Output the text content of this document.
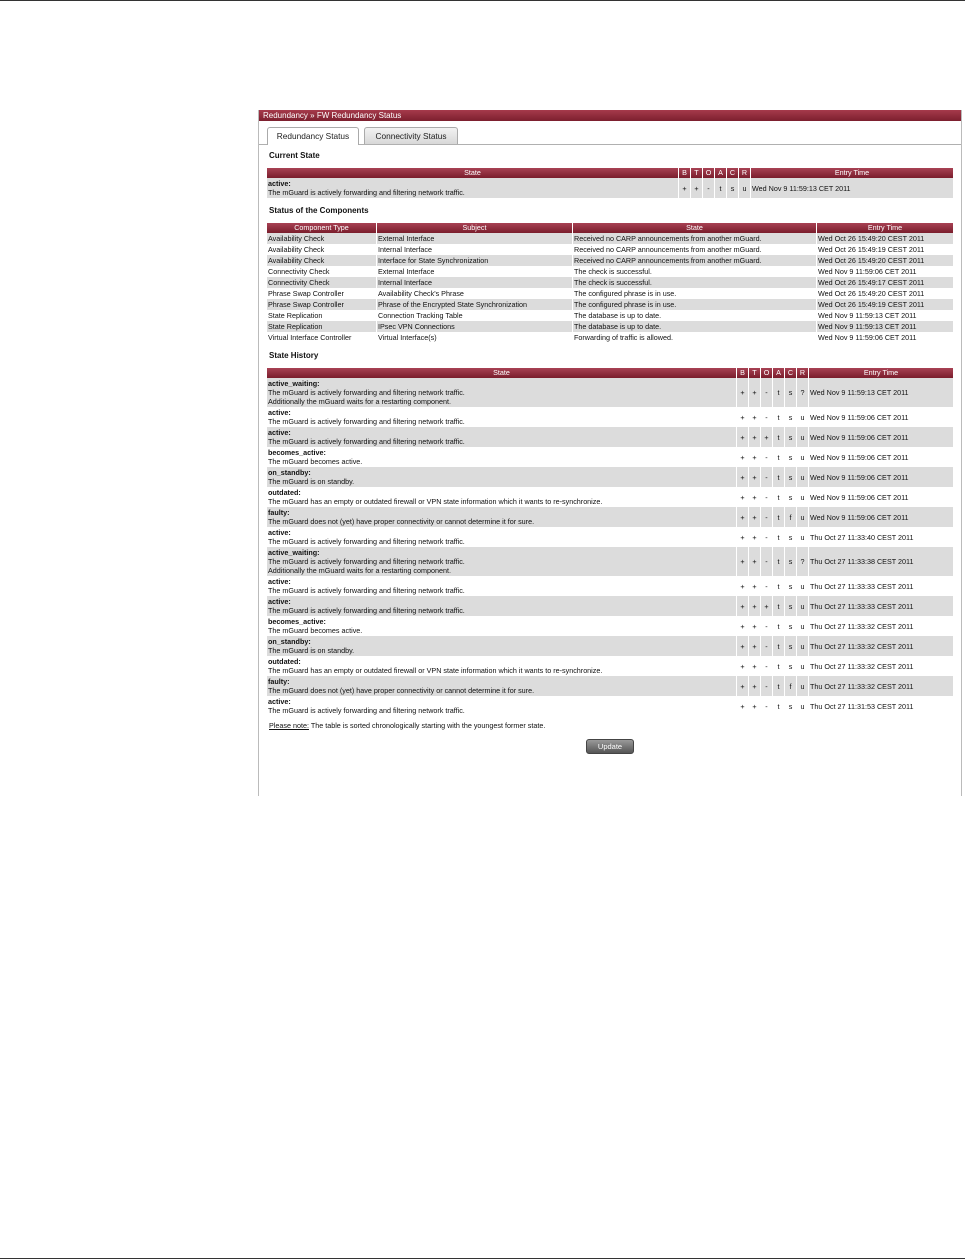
Redundancy » FW Redundancy Status
Redundancy Status	Connectivity Status
Current State
State	B	T	O	A	C	R	Entry Time

active:
The mGuard is actively forwarding and filtering network traffic.	+	+	-	t	s	u	Wed Nov 9 11:59:13 CET 2011
Status of the Components
Component Type	Subject	State	Entry Time
Availability Check	External Interface	Received no CARP announcements from another mGuard.	Wed Oct 26 15:49:20 CEST 2011
Availability Check	Internal Interface	Received no CARP announcements from another mGuard.	Wed Oct 26 15:49:19 CEST 2011
Availability Check	Interface for State Synchronization	Received no CARP announcements from another mGuard.	Wed Oct 26 15:49:20 CEST 2011
Connectivity Check	External Interface	The check is successful.	Wed Nov 9 11:59:06 CET 2011
Connectivity Check	Internal Interface	The check is successful.	Wed Oct 26 15:49:17 CEST 2011
Phrase Swap Controller	Availability Check's Phrase	The configured phrase is in use.	Wed Oct 26 15:49:20 CEST 2011
Phrase Swap Controller	Phrase of the Encrypted State Synchronization	The configured phrase is in use.	Wed Oct 26 15:49:19 CEST 2011
State Replication	Connection Tracking Table	The database is up to date.	Wed Nov 9 11:59:13 CET 2011
State Replication	IPsec VPN Connections	The database is up to date.	Wed Nov 9 11:59:13 CET 2011
Virtual Interface Controller	Virtual Interface(s)	Forwarding of traffic is allowed.	Wed Nov 9 11:59:06 CET 2011
State History
State	B	T	O	A	C	R	Entry Time

active_waiting:
The mGuard is actively forwarding and filtering network traffic.
Additionally the mGuard waits for a restarting component.	+	+	-	t	s	?	Wed Nov 9 11:59:13 CET 2011

active:
The mGuard is actively forwarding and filtering network traffic.	+	+	-	t	s	u	Wed Nov 9 11:59:06 CET 2011

active:
The mGuard is actively forwarding and filtering network traffic.	+	+	+	t	s	u	Wed Nov 9 11:59:06 CET 2011

becomes_active:
The mGuard becomes active.	+	+	-	t	s	u	Wed Nov 9 11:59:06 CET 2011

on_standby:
The mGuard is on standby.	+	+	-	t	s	u	Wed Nov 9 11:59:06 CET 2011

outdated:
The mGuard has an empty or outdated firewall or VPN state information which it wants to re-synchronize.	+	+	-	t	s	u	Wed Nov 9 11:59:06 CET 2011

faulty:
The mGuard does not (yet) have proper connectivity or cannot determine it for sure.	+	+	-	t	f	u	Wed Nov 9 11:59:06 CET 2011

active:
The mGuard is actively forwarding and filtering network traffic.	+	+	-	t	s	u	Thu Oct 27 11:33:40 CEST 2011

active_waiting:
The mGuard is actively forwarding and filtering network traffic.
Additionally the mGuard waits for a restarting component.	+	+	-	t	s	?	Thu Oct 27 11:33:38 CEST 2011

active:
The mGuard is actively forwarding and filtering network traffic.	+	+	-	t	s	u	Thu Oct 27 11:33:33 CEST 2011

active:
The mGuard is actively forwarding and filtering network traffic.	+	+	+	t	s	u	Thu Oct 27 11:33:33 CEST 2011

becomes_active:
The mGuard becomes active.	+	+	-	t	s	u	Thu Oct 27 11:33:32 CEST 2011

on_standby:
The mGuard is on standby.	+	+	-	t	s	u	Thu Oct 27 11:33:32 CEST 2011

outdated:
The mGuard has an empty or outdated firewall or VPN state information which it wants to re-synchronize.	+	+	-	t	s	u	Thu Oct 27 11:33:32 CEST 2011

faulty:
The mGuard does not (yet) have proper connectivity or cannot determine it for sure.	+	+	-	t	f	u	Thu Oct 27 11:33:32 CEST 2011

active:
The mGuard is actively forwarding and filtering network traffic.	+	+	-	t	s	u	Thu Oct 27 11:31:53 CEST 2011
Please note: The table is sorted chronologically starting with the youngest former state.
Update
